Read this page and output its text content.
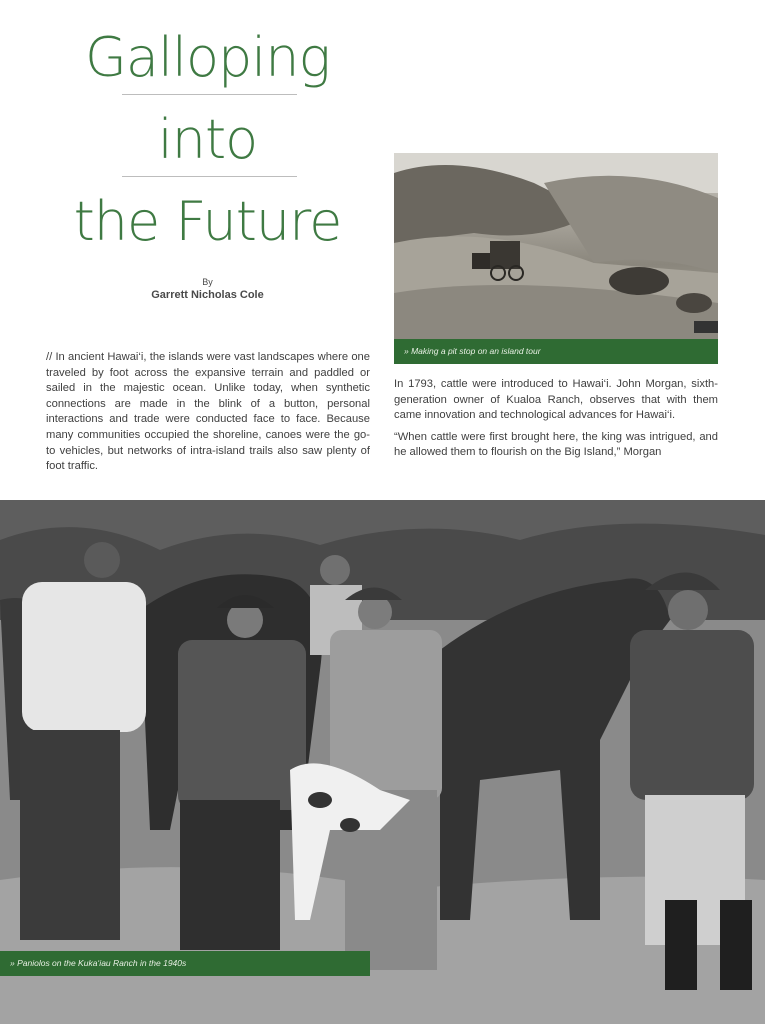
Galloping
into
the Future
By
Garrett Nicholas Cole

// In ancient Hawai‘i, the islands were vast landscapes where one traveled by foot across the expansive terrain and paddled or sailed in the majestic ocean. Unlike today, when synthetic connections are made in the blink of a button, personal interactions and trade were conducted face to face. Because many communities occupied the shoreline, canoes were the go-to vehicles, but networks of intra-island trails also saw plenty of foot traffic.

» Making a pit stop on an island tour

In 1793, cattle were introduced to Hawai‘i. John Morgan, sixth-generation owner of Kualoa Ranch, observes that with them came innovation and technological advances for Hawai‘i.

“When cattle were first brought here, the king was intrigued, and he allowed them to flourish on the Big Island,” Morgan

» Paniolos on the Kuka‘iau Ranch in the 1940s
